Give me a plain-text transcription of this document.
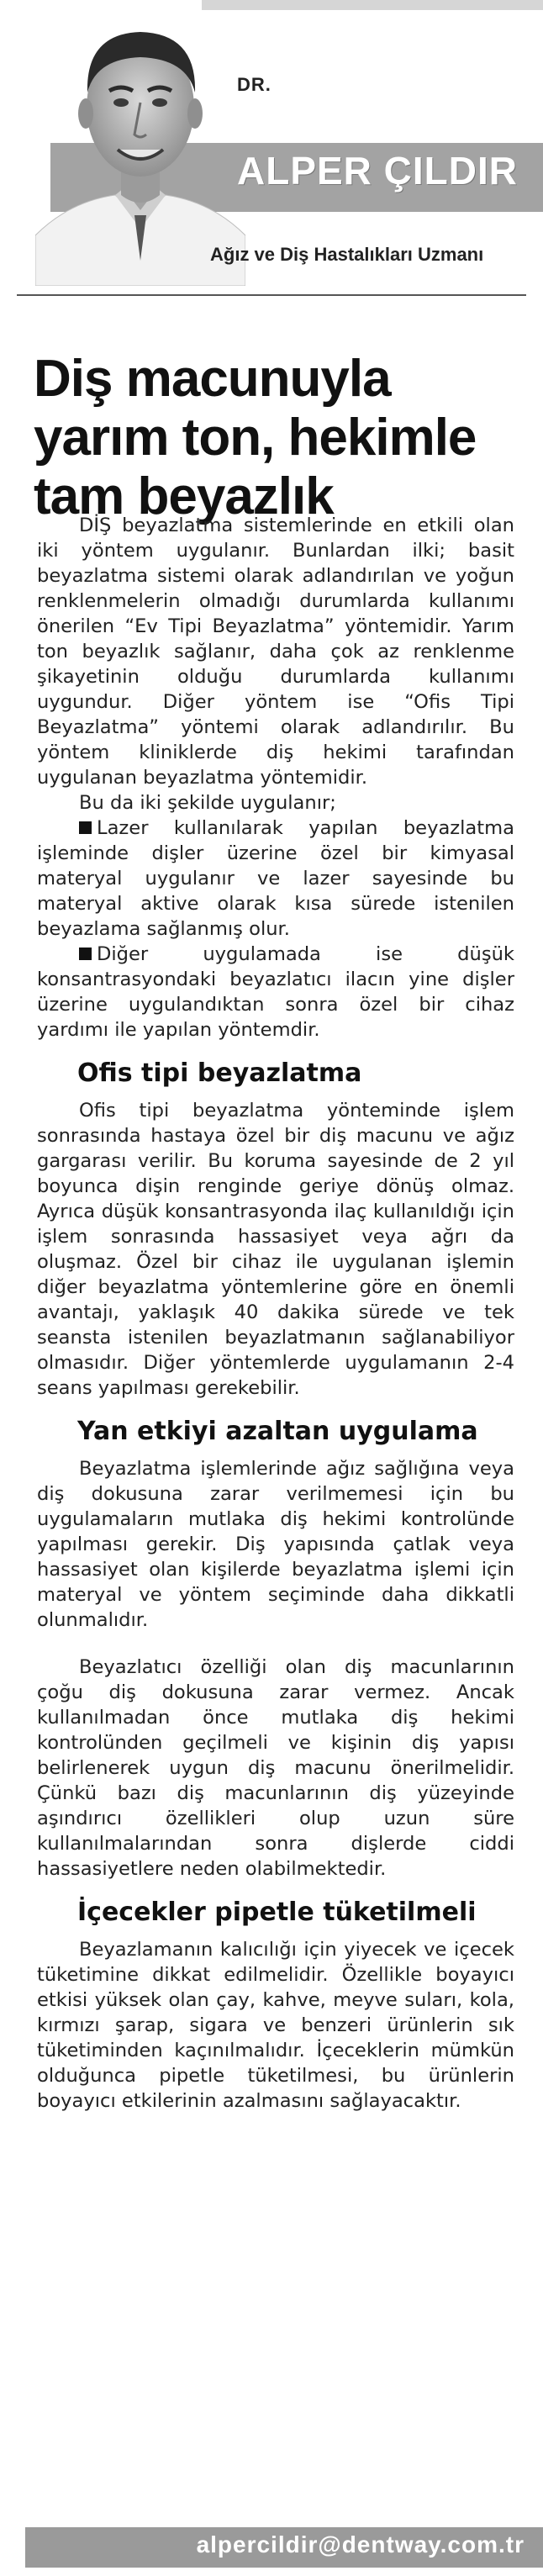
DR.
ALPER ÇILDIR
Ağız ve Diş Hastalıkları Uzmanı
Diş macunuyla yarım ton, hekimle tam beyazlık

DİŞ beyazlatma sistemlerinde en etkili olan iki yöntem uygulanır. Bunlardan ilki; basit beyazlatma sistemi olarak adlandırılan ve yoğun renklenmelerin olmadığı durumlarda kullanımı önerilen “Ev Tipi Beyazlatma” yöntemidir. Yarım ton beyazlık sağlanır, daha çok az renklenme şikayetinin olduğu durumlarda kullanımı uygundur. Diğer yöntem ise “Ofis Tipi Beyazlatma” yöntemi olarak adlandırılır. Bu yöntem kliniklerde diş hekimi tarafından uygulanan beyazlatma yöntemidir.

Bu da iki şekilde uygulanır;

Lazer kullanılarak yapılan beyazlatma işleminde dişler üzerine özel bir kimyasal materyal uygulanır ve lazer sayesinde bu materyal aktive olarak kısa sürede istenilen beyazlama sağlanmış olur.

Diğer uygulamada ise düşük konsantrasyondaki beyazlatıcı ilacın yine dişler üzerine uygulandıktan sonra özel bir cihaz yardımı ile yapılan yöntemdir.

Ofis tipi beyazlatma

Ofis tipi beyazlatma yönteminde işlem sonrasında hastaya özel bir diş macunu ve ağız gargarası verilir. Bu koruma sayesinde de 2 yıl boyunca dişin renginde geriye dönüş olmaz. Ayrıca düşük konsantrasyonda ilaç kullanıldığı için işlem sonrasında hassasiyet veya ağrı da oluşmaz. Özel bir cihaz ile uygulanan işlemin diğer beyazlatma yöntemlerine göre en önemli avantajı, yaklaşık 40 dakika sürede ve tek seansta istenilen beyazlatmanın sağlanabiliyor olmasıdır. Diğer yöntemlerde uygulamanın 2-4 seans yapılması gerekebilir.

Yan etkiyi azaltan uygulama

Beyazlatma işlemlerinde ağız sağlığına veya diş dokusuna zarar verilmemesi için bu uygulamaların mutlaka diş hekimi kontrolünde yapılması gerekir. Diş yapısında çatlak veya hassasiyet olan kişilerde beyazlatma işlemi için materyal ve yöntem seçiminde daha dikkatli olunmalıdır.

Beyazlatıcı özelliği olan diş macunlarının çoğu diş dokusuna zarar vermez. Ancak kullanılmadan önce mutlaka diş hekimi kontrolünden geçilmeli ve kişinin diş yapısı belirlenerek uygun diş macunu önerilmelidir. Çünkü bazı diş macunlarının diş yüzeyinde aşındırıcı özellikleri olup uzun süre kullanılmalarından sonra dişlerde ciddi hassasiyetlere neden olabilmektedir.

İçecekler pipetle tüketilmeli

Beyazlamanın kalıcılığı için yiyecek ve içecek tüketimine dikkat edilmelidir. Özellikle boyayıcı etkisi yüksek olan çay, kahve, meyve suları, kola, kırmızı şarap, sigara ve benzeri ürünlerin sık tüketiminden kaçınılmalıdır. İçeceklerin mümkün olduğunca pipetle tüketilmesi, bu ürünlerin boyayıcı etkilerinin azalmasını sağlayacaktır.

alpercildir@dentway.com.tr
